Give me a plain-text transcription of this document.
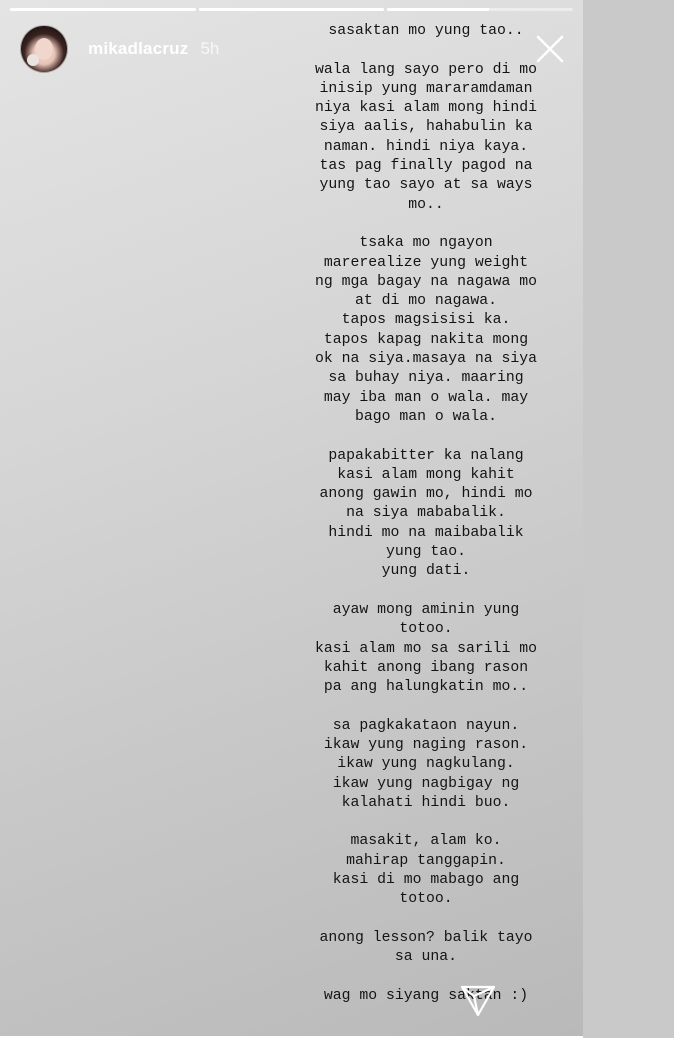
mikadlacruz 5h
sasaktan mo yung tao..
wala lang sayo pero di mo
inisip yung mararamdaman
niya kasi alam mong hindi
siya aalis, hahabulin ka
naman. hindi niya kaya.
tas pag finally pagod na
yung tao sayo at sa ways
mo..
tsaka mo ngayon
marerealize yung weight
ng mga bagay na nagawa mo
at di mo nagawa.
tapos magsisisi ka.
tapos kapag nakita mong
ok na siya.masaya na siya
sa buhay niya. maaring
may iba man o wala. may
bago man o wala.
papakabitter ka nalang
kasi alam mong kahit
anong gawin mo, hindi mo
na siya mababalik.
hindi mo na maibabalik
yung tao.
yung dati.
ayaw mong aminin yung
totoo.
kasi alam mo sa sarili mo
kahit anong ibang rason
pa ang halungkatin mo..
sa pagkakataon nayun.
ikaw yung naging rason.
ikaw yung nagkulang.
ikaw yung nagbigay ng
kalahati hindi buo.
masakit, alam ko.
mahirap tanggapin.
kasi di mo mabago ang
totoo.
anong lesson? balik tayo
sa una.
wag mo siyang saktan :)
